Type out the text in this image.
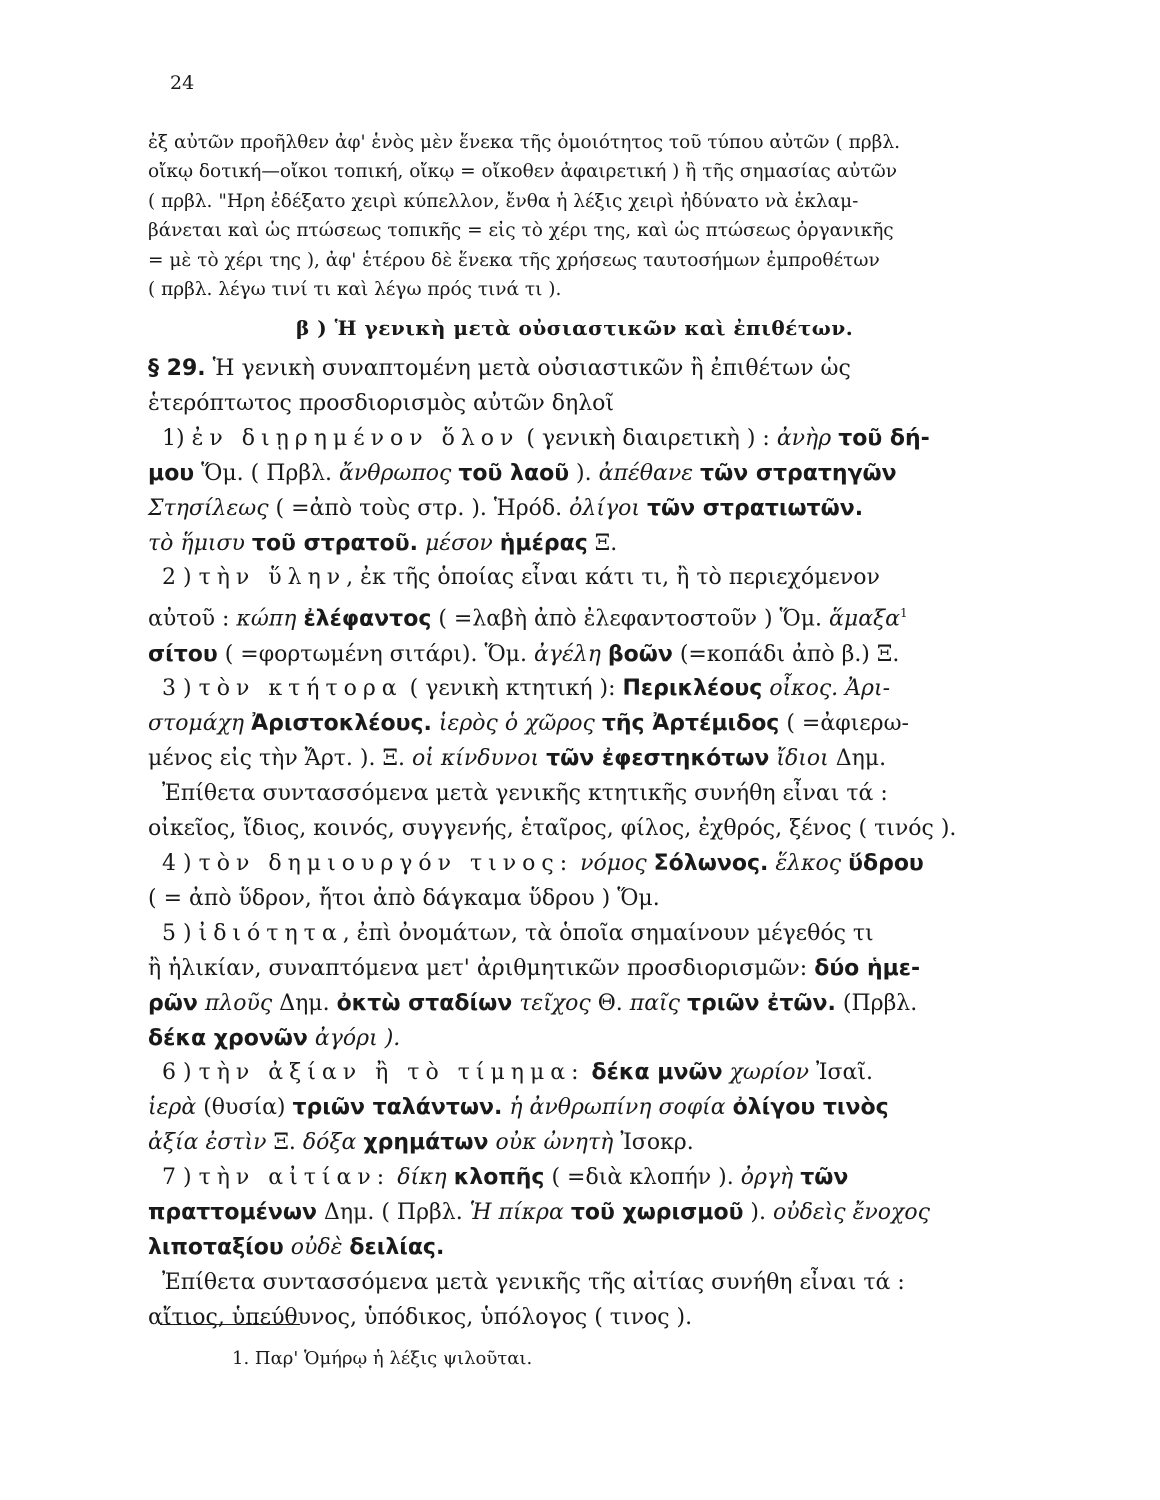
24
ἐξ αὐτῶν προῆλθεν ἀφ' ἑνὸς μὲν ἕνεκα τῆς ὁμοιότητος τοῦ τύπου αὐτῶν ( πρβλ.
οἴκῳ δοτική—οἴκοι τοπική, οἴκῳ = οἴκοθεν ἀφαιρετική ) ἢ τῆς σημασίας αὐτῶν
( πρβλ. "Ηρη ἐδέξατο χειρὶ κύπελλον, ἔνθα ἡ λέξις χειρὶ ἠδύνατο νὰ ἐκλαμ-
βάνεται καὶ ὡς πτώσεως τοπικῆς = εἰς τὸ χέρι της, καὶ ὡς πτώσεως ὀργανικῆς
= μὲ τὸ χέρι της ), ἀφ' ἑτέρου δὲ ἕνεκα τῆς χρήσεως ταυτοσήμων ἐμπροθέτων
( πρβλ. λέγω τινί τι καὶ λέγω πρός τινά τι ).
β ) Ἡ γενικὴ μετὰ οὐσιαστικῶν καὶ ἐπιθέτων.
§ 29. Ἡ γενικὴ συναπτομένη μετὰ οὐσιαστικῶν ἢ ἐπιθέτων ὡς
ἑτερόπτωτος προσδιορισμὸς αὐτῶν δηλοῖ
1) ἐν διῃρημένον ὅλον ( γενικὴ διαιρετικὴ ) : ἀνὴρ τοῦ δή-
μου Ὅμ. ( Πρβλ. ἄνθρωπος τοῦ λαοῦ ). ἀπέθανε τῶν στρατηγῶν
Στησίλεως ( =ἀπὸ τοὺς στρ. ). Ἡρόδ. ὀλίγοι τῶν στρατιωτῶν.
τὸ ἥμισυ τοῦ στρατοῦ. μέσον ἡμέρας Ξ.
2 ) τὴν ὕλην, ἐκ τῆς ὁποίας εἶναι κάτι τι, ἢ τὸ περιεχόμενον
αὐτοῦ : κώπη ἐλέφαντος ( =λαβὴ ἀπὸ ἐλεφαντοστοῦν ) Ὅμ. ἅμαξα$^1$
σίτου ( =φορτωμένη σιτάρι). Ὅμ. ἀγέλη βοῶν (=κοπάδι ἀπὸ β.) Ξ.
3 ) τὸν κτήτορα ( γενικὴ κτητική ): Περικλέους οἶκος. Ἀρι-
στομάχη Ἀριστοκλέους. ἱερὸς ὁ χῶρος τῆς Ἀρτέμιδος ( =ἀφιερω-
μένος εἰς τὴν Ἄρτ. ). Ξ. οἱ κίνδυνοι τῶν ἐφεστηκότων ἴδιοι Δημ.
Ἐπίθετα συντασσόμενα μετὰ γενικῆς κτητικῆς συνήθη εἶναι τά :
οἰκεῖος, ἴδιος, κοινός, συγγενής, ἑταῖρος, φίλος, ἐχθρός, ξένος ( τινός ).
4 ) τὸν δημιουργόν τινος: νόμος Σόλωνος. ἕλκος ὕδρου
( = ἀπὸ ὕδρον, ἤτοι ἀπὸ δάγκαμα ὕδρου ) Ὅμ.
5 ) ἰδιότητα, ἐπὶ ὀνομάτων, τὰ ὁποῖα σημαίνουν μέγεθός τι
ἢ ἡλικίαν, συναπτόμενα μετ' ἀριθμητικῶν προσδιορισμῶν: δύο ἡμε-
ρῶν πλοῦς Δημ. ὀκτὼ σταδίων τεῖχος Θ. παῖς τριῶν ἐτῶν. (Πρβλ.
δέκα χρονῶν ἀγόρι ).
6 ) τὴν ἀξίαν ἢ τὸ τίμημα: δέκα μνῶν χωρίον Ἰσαῖ.
ἱερὰ (θυσία) τριῶν ταλάντων. ἡ ἀνθρωπίνη σοφία ὀλίγου τινὸς
ἀξία ἐστὶν Ξ. δόξα χρημάτων οὐκ ὠνητὴ Ἰσοκρ.
7 ) τὴν αἰτίαν: δίκη κλοπῆς ( =διὰ κλοπήν ). ὀργὴ τῶν
πραττομένων Δημ. ( Πρβλ. Ἡ πίκρα τοῦ χωρισμοῦ ). οὐδεὶς ἔνοχος
λιποταξίου οὐδὲ δειλίας.
Ἐπίθετα συντασσόμενα μετὰ γενικῆς τῆς αἰτίας συνήθη εἶναι τά :
αἴτιος, ὑπεύθυνος, ὑπόδικος, ὑπόλογος ( τινος ).
1. Παρ' Ὁμήρῳ ἡ λέξις ψιλοῦται.
